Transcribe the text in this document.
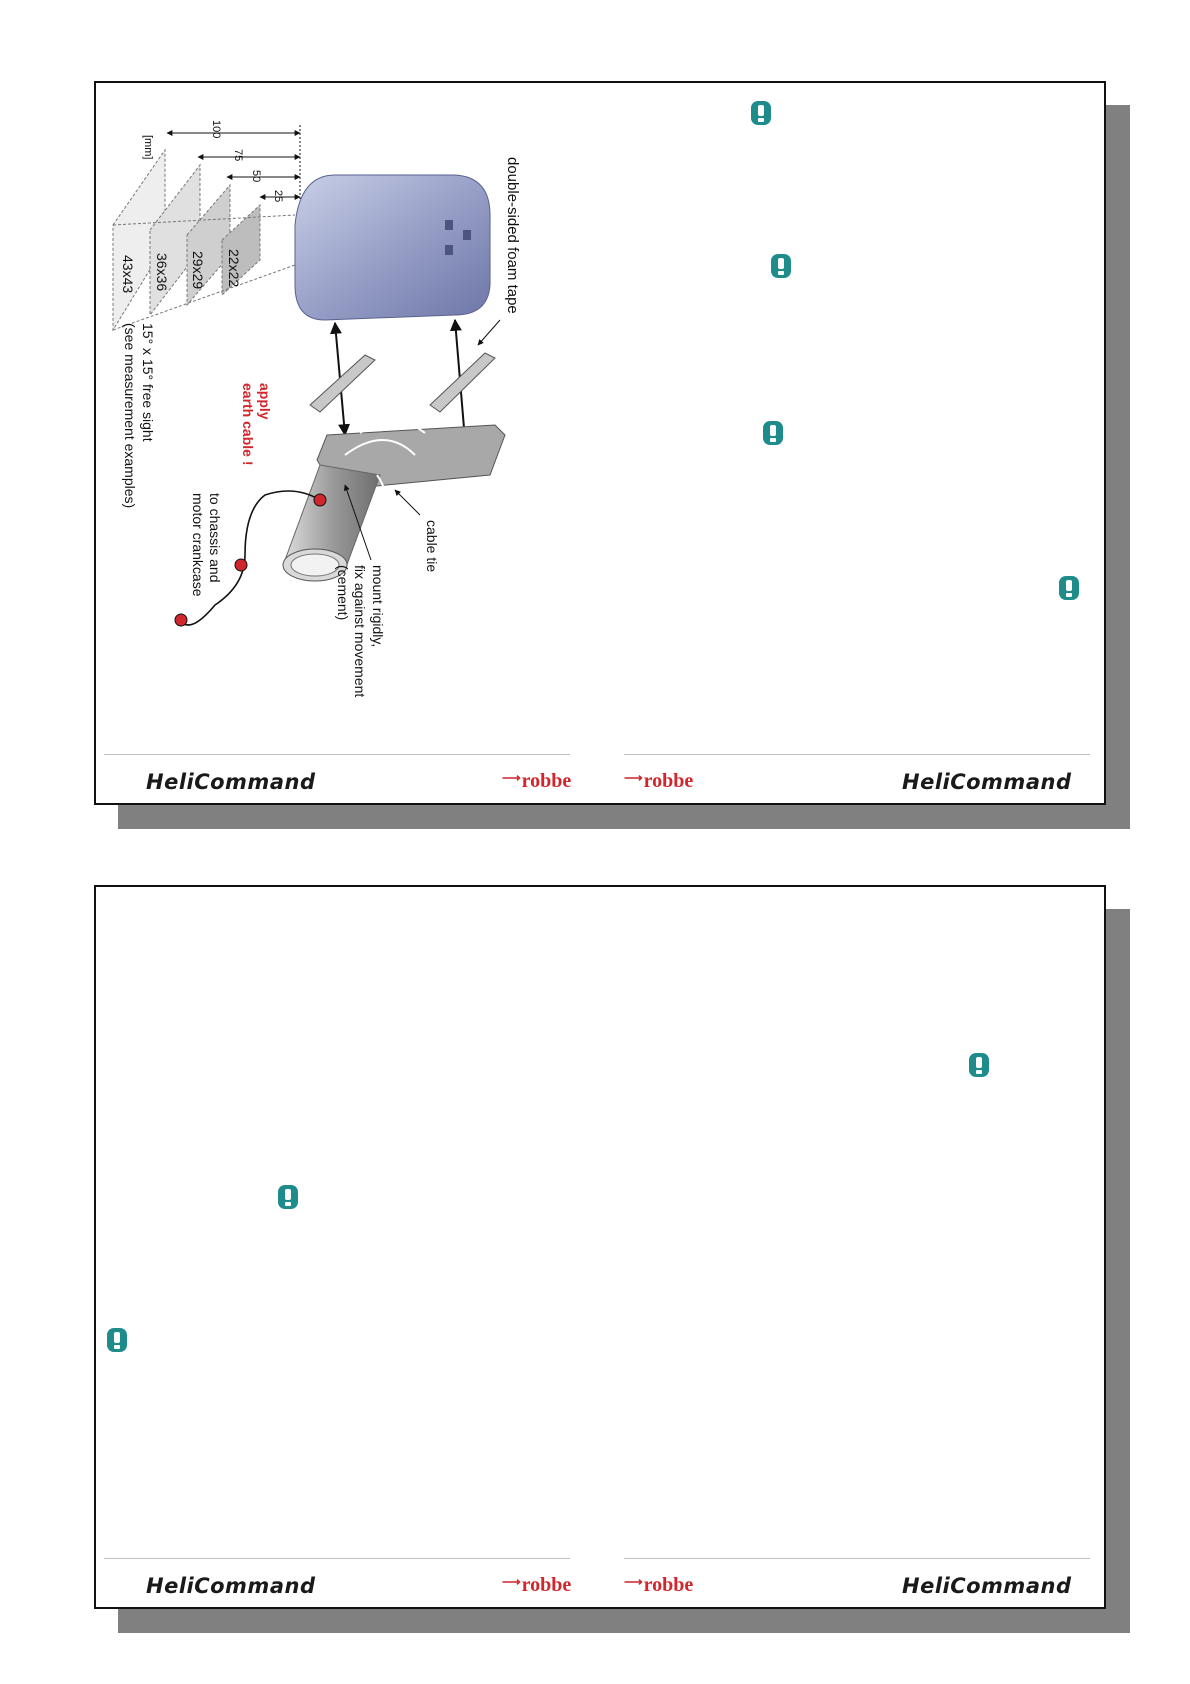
[mm]
100
75
50
25
43x43 36x36 29x29 22x22	double-sided foam tape
apply
earth cable !
15° x 15° free sight
(see measurement examples)
to chassis and
motor crankcase	cable tie
mount rigidly,
fix against movement
(cement)
HeliCommand	⟶robbe	⟶robbe	HeliCommand
HeliCommand	⟶robbe	⟶robbe	HeliCommand
